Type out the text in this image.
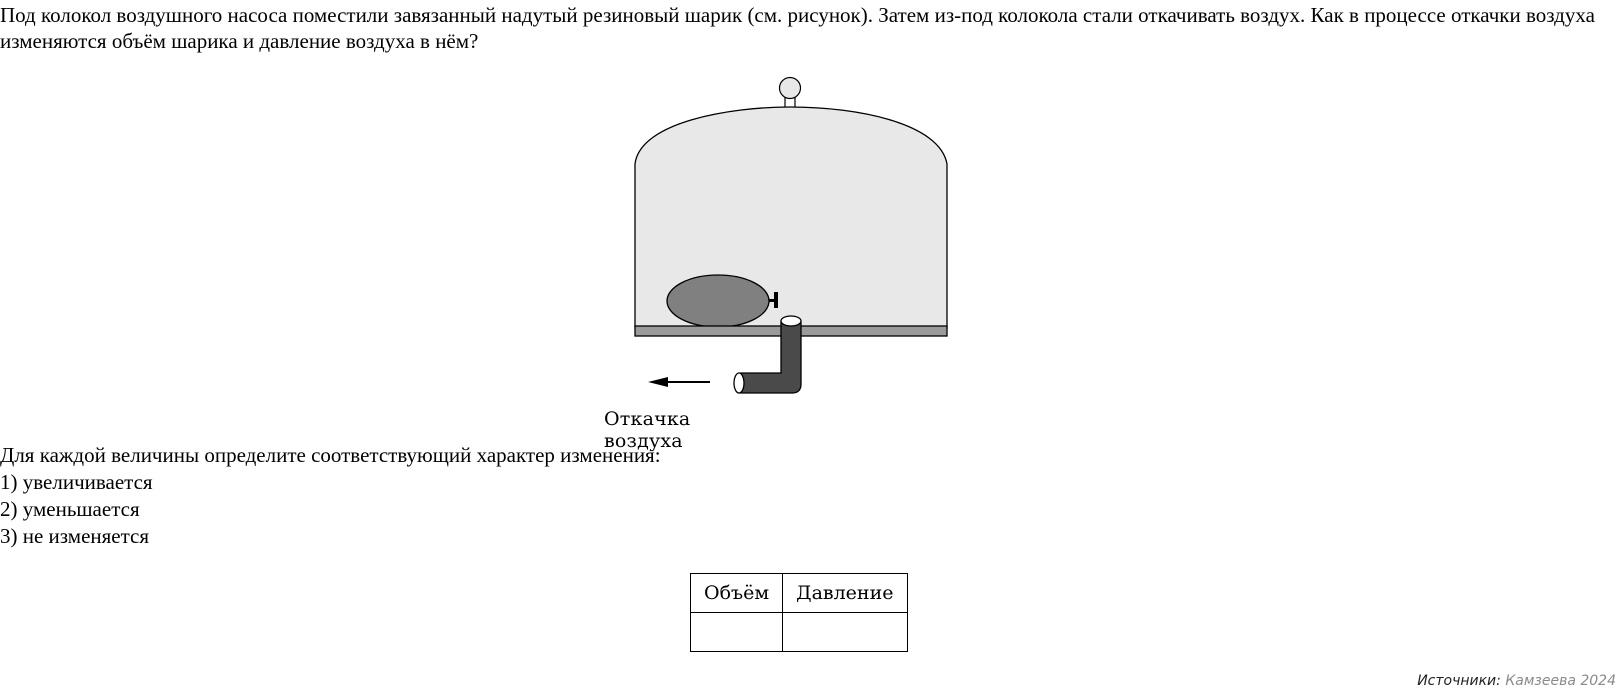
Под колокол воздушного насоса поместили завязанный надутый резиновый шарик (см. рисунок). Затем из-под колокола стали откачивать воздух. Как в процессе откачки воздуха изменяются объём шарика и давление воздуха в нём?

Откачка воздуха
Для каждой величины определите соответствующий характер изменения:
1) увеличивается
2) уменьшается
3) не изменяется
Объём	Давление

Источники: Камзеева 2024
